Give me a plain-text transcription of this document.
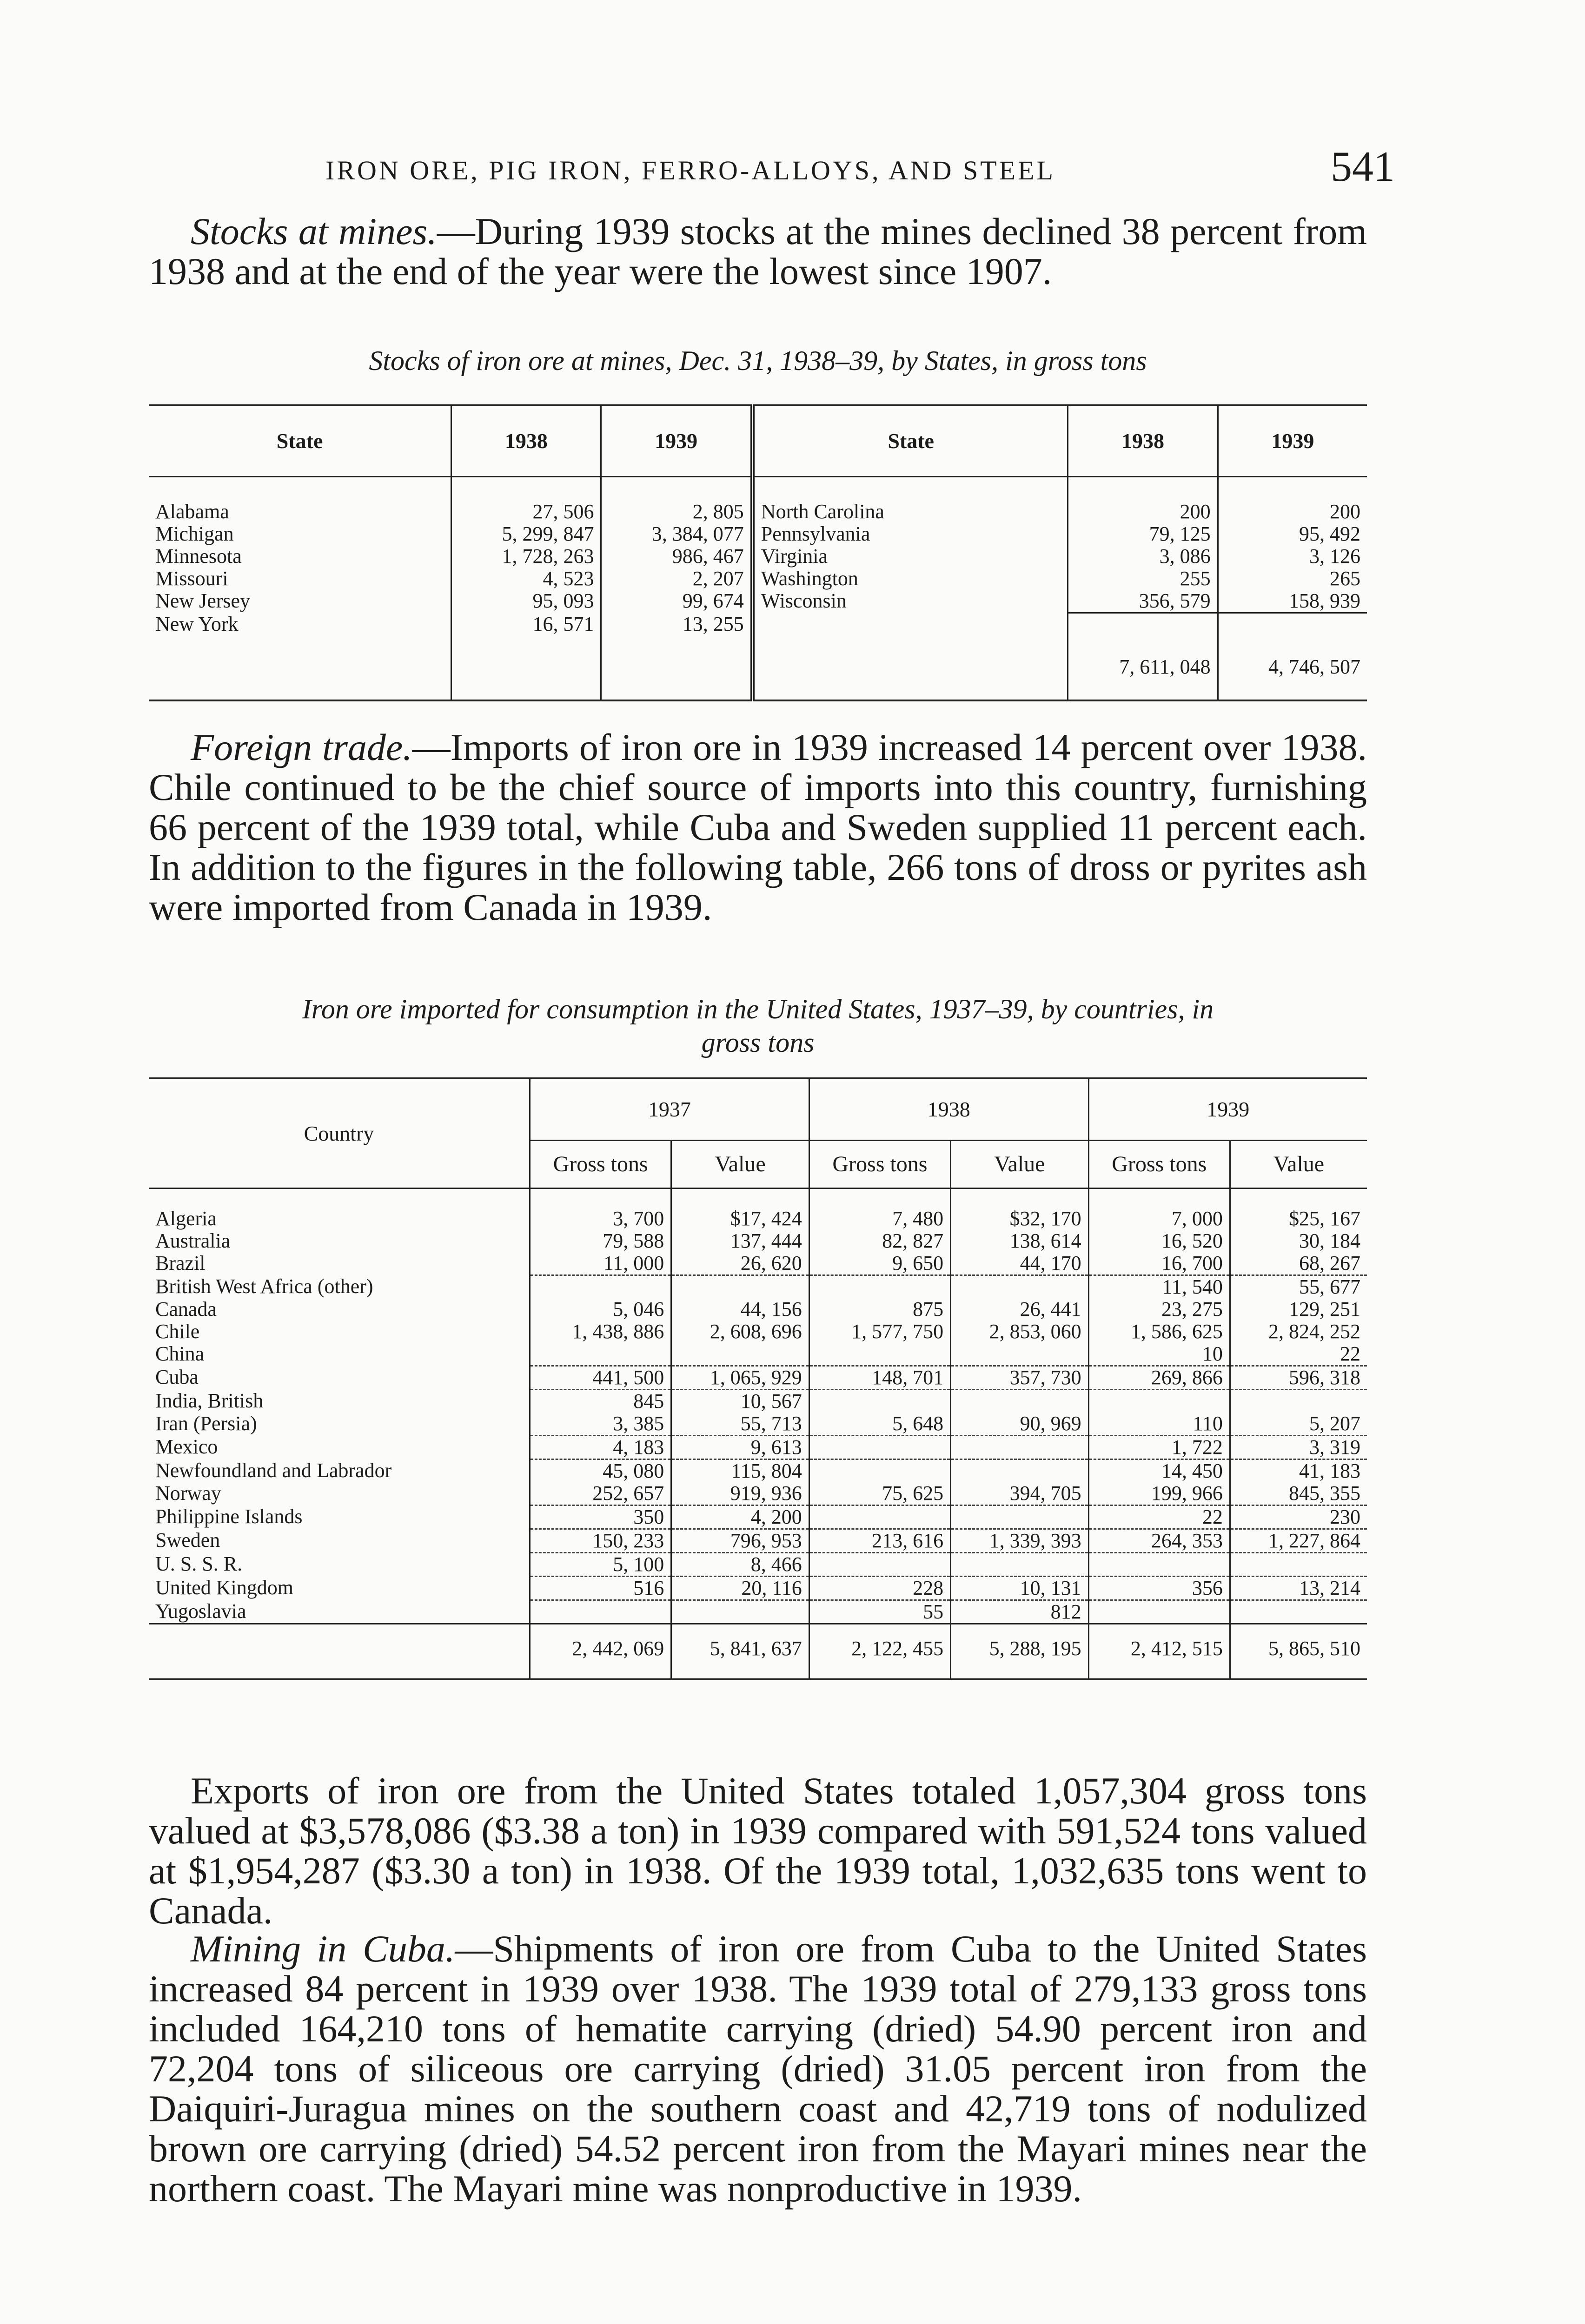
IRON ORE, PIG IRON, FERRO-ALLOYS, AND STEEL	541

Stocks at mines.—During 1939 stocks at the mines declined 38 percent from 1938 and at the end of the year were the lowest since 1907.

Stocks of iron ore at mines, Dec. 31, 1938–39, by States, in gross tons
State	1938	1939	State	1938	1939
Alabama	27, 506	2, 805	North Carolina	200	200
Michigan	5, 299, 847	3, 384, 077	Pennsylvania	79, 125	95, 492
Minnesota	1, 728, 263	986, 467	Virginia	3, 086	3, 126
Missouri	4, 523	2, 207	Washington	255	265
New Jersey	95, 093	99, 674	Wisconsin	356, 579	158, 939
New York	16, 571	13, 255			
				7, 611, 048	4, 746, 507

Foreign trade.—Imports of iron ore in 1939 increased 14 percent over 1938. Chile continued to be the chief source of imports into this country, furnishing 66 percent of the 1939 total, while Cuba and Sweden supplied 11 percent each. In addition to the figures in the following table, 266 tons of dross or pyrites ash were imported from Canada in 1939.

Iron ore imported for consumption in the United States, 1937–39, by countries, in
gross tons
Country	1937		1938		1939	
	Gross tons	Value	Gross tons	Value	Gross tons	Value
Algeria	3, 700	$17, 424	7, 480	$32, 170	7, 000	$25, 167
Australia	79, 588	137, 444	82, 827	138, 614	16, 520	30, 184
Brazil	11, 000	26, 620	9, 650	44, 170	16, 700	68, 267
British West Africa (other)					11, 540	55, 677
Canada	5, 046	44, 156	875	26, 441	23, 275	129, 251
Chile	1, 438, 886	2, 608, 696	1, 577, 750	2, 853, 060	1, 586, 625	2, 824, 252
China					10	22
Cuba	441, 500	1, 065, 929	148, 701	357, 730	269, 866	596, 318
India, British	845	10, 567				
Iran (Persia)	3, 385	55, 713	5, 648	90, 969	110	5, 207
Mexico	4, 183	9, 613			1, 722	3, 319
Newfoundland and Labrador	45, 080	115, 804			14, 450	41, 183
Norway	252, 657	919, 936	75, 625	394, 705	199, 966	845, 355
Philippine Islands	350	4, 200			22	230
Sweden	150, 233	796, 953	213, 616	1, 339, 393	264, 353	1, 227, 864
U. S. S. R.	5, 100	8, 466				
United Kingdom	516	20, 116	228	10, 131	356	13, 214
Yugoslavia			55	812		
	2, 442, 069	5, 841, 637	2, 122, 455	5, 288, 195	2, 412, 515	5, 865, 510

Exports of iron ore from the United States totaled 1,057,304 gross tons valued at $3,578,086 ($3.38 a ton) in 1939 compared with 591,524 tons valued at $1,954,287 ($3.30 a ton) in 1938. Of the 1939 total, 1,032,635 tons went to Canada.

Mining in Cuba.—Shipments of iron ore from Cuba to the United States increased 84 percent in 1939 over 1938. The 1939 total of 279,133 gross tons included 164,210 tons of hematite carrying (dried) 54.90 percent iron and 72,204 tons of siliceous ore carrying (dried) 31.05 percent iron from the Daiquiri-Juragua mines on the southern coast and 42,719 tons of nodulized brown ore carrying (dried) 54.52 percent iron from the Mayari mines near the northern coast. The Mayari mine was nonproductive in 1939.
